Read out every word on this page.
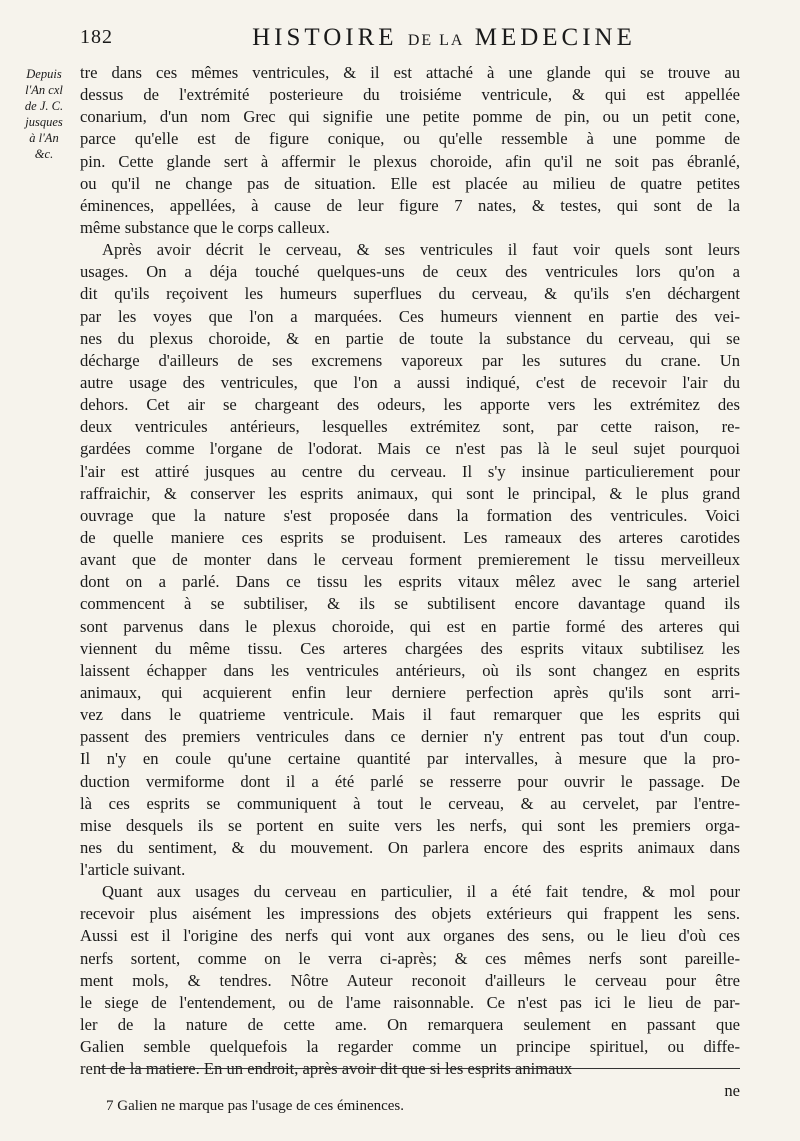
182	HISTOIRE DE LA MEDECINE
Depuis
l'An cxl
de J. C.
jusques
à l'An
&c.
tre dans ces mêmes ventricules, & il est attaché à une glande qui se trouve au
dessus de l'extrémité posterieure du troisiéme ventricule, & qui est appellée
conarium, d'un nom Grec qui signifie une petite pomme de pin, ou un petit cone,
parce qu'elle est de figure conique, ou qu'elle ressemble à une pomme de
pin. Cette glande sert à affermir le plexus choroide, afin qu'il ne soit pas ébranlé,
ou qu'il ne change pas de situation. Elle est placée au milieu de quatre petites
éminences, appellées, à cause de leur figure 7 nates, & testes, qui sont de la
même substance que le corps calleux.
Après avoir décrit le cerveau, & ses ventricules il faut voir quels sont leurs
usages. On a déja touché quelques-uns de ceux des ventricules lors qu'on a
dit qu'ils reçoivent les humeurs superflues du cerveau, & qu'ils s'en déchargent
par les voyes que l'on a marquées. Ces humeurs viennent en partie des vei-
nes du plexus choroide, & en partie de toute la substance du cerveau, qui se
décharge d'ailleurs de ses excremens vaporeux par les sutures du crane. Un
autre usage des ventricules, que l'on a aussi indiqué, c'est de recevoir l'air du
dehors. Cet air se chargeant des odeurs, les apporte vers les extrémitez des
deux ventricules antérieurs, lesquelles extrémitez sont, par cette raison, re-
gardées comme l'organe de l'odorat. Mais ce n'est pas là le seul sujet pourquoi
l'air est attiré jusques au centre du cerveau. Il s'y insinue particulierement pour
raffraichir, & conserver les esprits animaux, qui sont le principal, & le plus grand
ouvrage que la nature s'est proposée dans la formation des ventricules. Voici
de quelle maniere ces esprits se produisent. Les rameaux des arteres carotides
avant que de monter dans le cerveau forment premierement le tissu merveilleux
dont on a parlé. Dans ce tissu les esprits vitaux mêlez avec le sang arteriel
commencent à se subtiliser, & ils se subtilisent encore davantage quand ils
sont parvenus dans le plexus choroide, qui est en partie formé des arteres qui
viennent du même tissu. Ces arteres chargées des esprits vitaux subtilisez les
laissent échapper dans les ventricules antérieurs, où ils sont changez en esprits
animaux, qui acquierent enfin leur derniere perfection après qu'ils sont arri-
vez dans le quatrieme ventricule. Mais il faut remarquer que les esprits qui
passent des premiers ventricules dans ce dernier n'y entrent pas tout d'un coup.
Il n'y en coule qu'une certaine quantité par intervalles, à mesure que la pro-
duction vermiforme dont il a été parlé se resserre pour ouvrir le passage. De
là ces esprits se communiquent à tout le cerveau, & au cervelet, par l'entre-
mise desquels ils se portent en suite vers les nerfs, qui sont les premiers orga-
nes du sentiment, & du mouvement. On parlera encore des esprits animaux dans
l'article suivant.
Quant aux usages du cerveau en particulier, il a été fait tendre, & mol pour
recevoir plus aisément les impressions des objets extérieurs qui frappent les sens.
Aussi est il l'origine des nerfs qui vont aux organes des sens, ou le lieu d'où ces
nerfs sortent, comme on le verra ci-après; & ces mêmes nerfs sont pareille-
ment mols, & tendres. Nôtre Auteur reconoit d'ailleurs le cerveau pour être
le siege de l'entendement, ou de l'ame raisonnable. Ce n'est pas ici le lieu de par-
ler de la nature de cette ame. On remarquera seulement en passant que
Galien semble quelquefois la regarder comme un principe spirituel, ou diffe-
rent de la matiere. En un endroit, après avoir dit que si les esprits animaux
ne
7 Galien ne marque pas l'usage de ces éminences.
